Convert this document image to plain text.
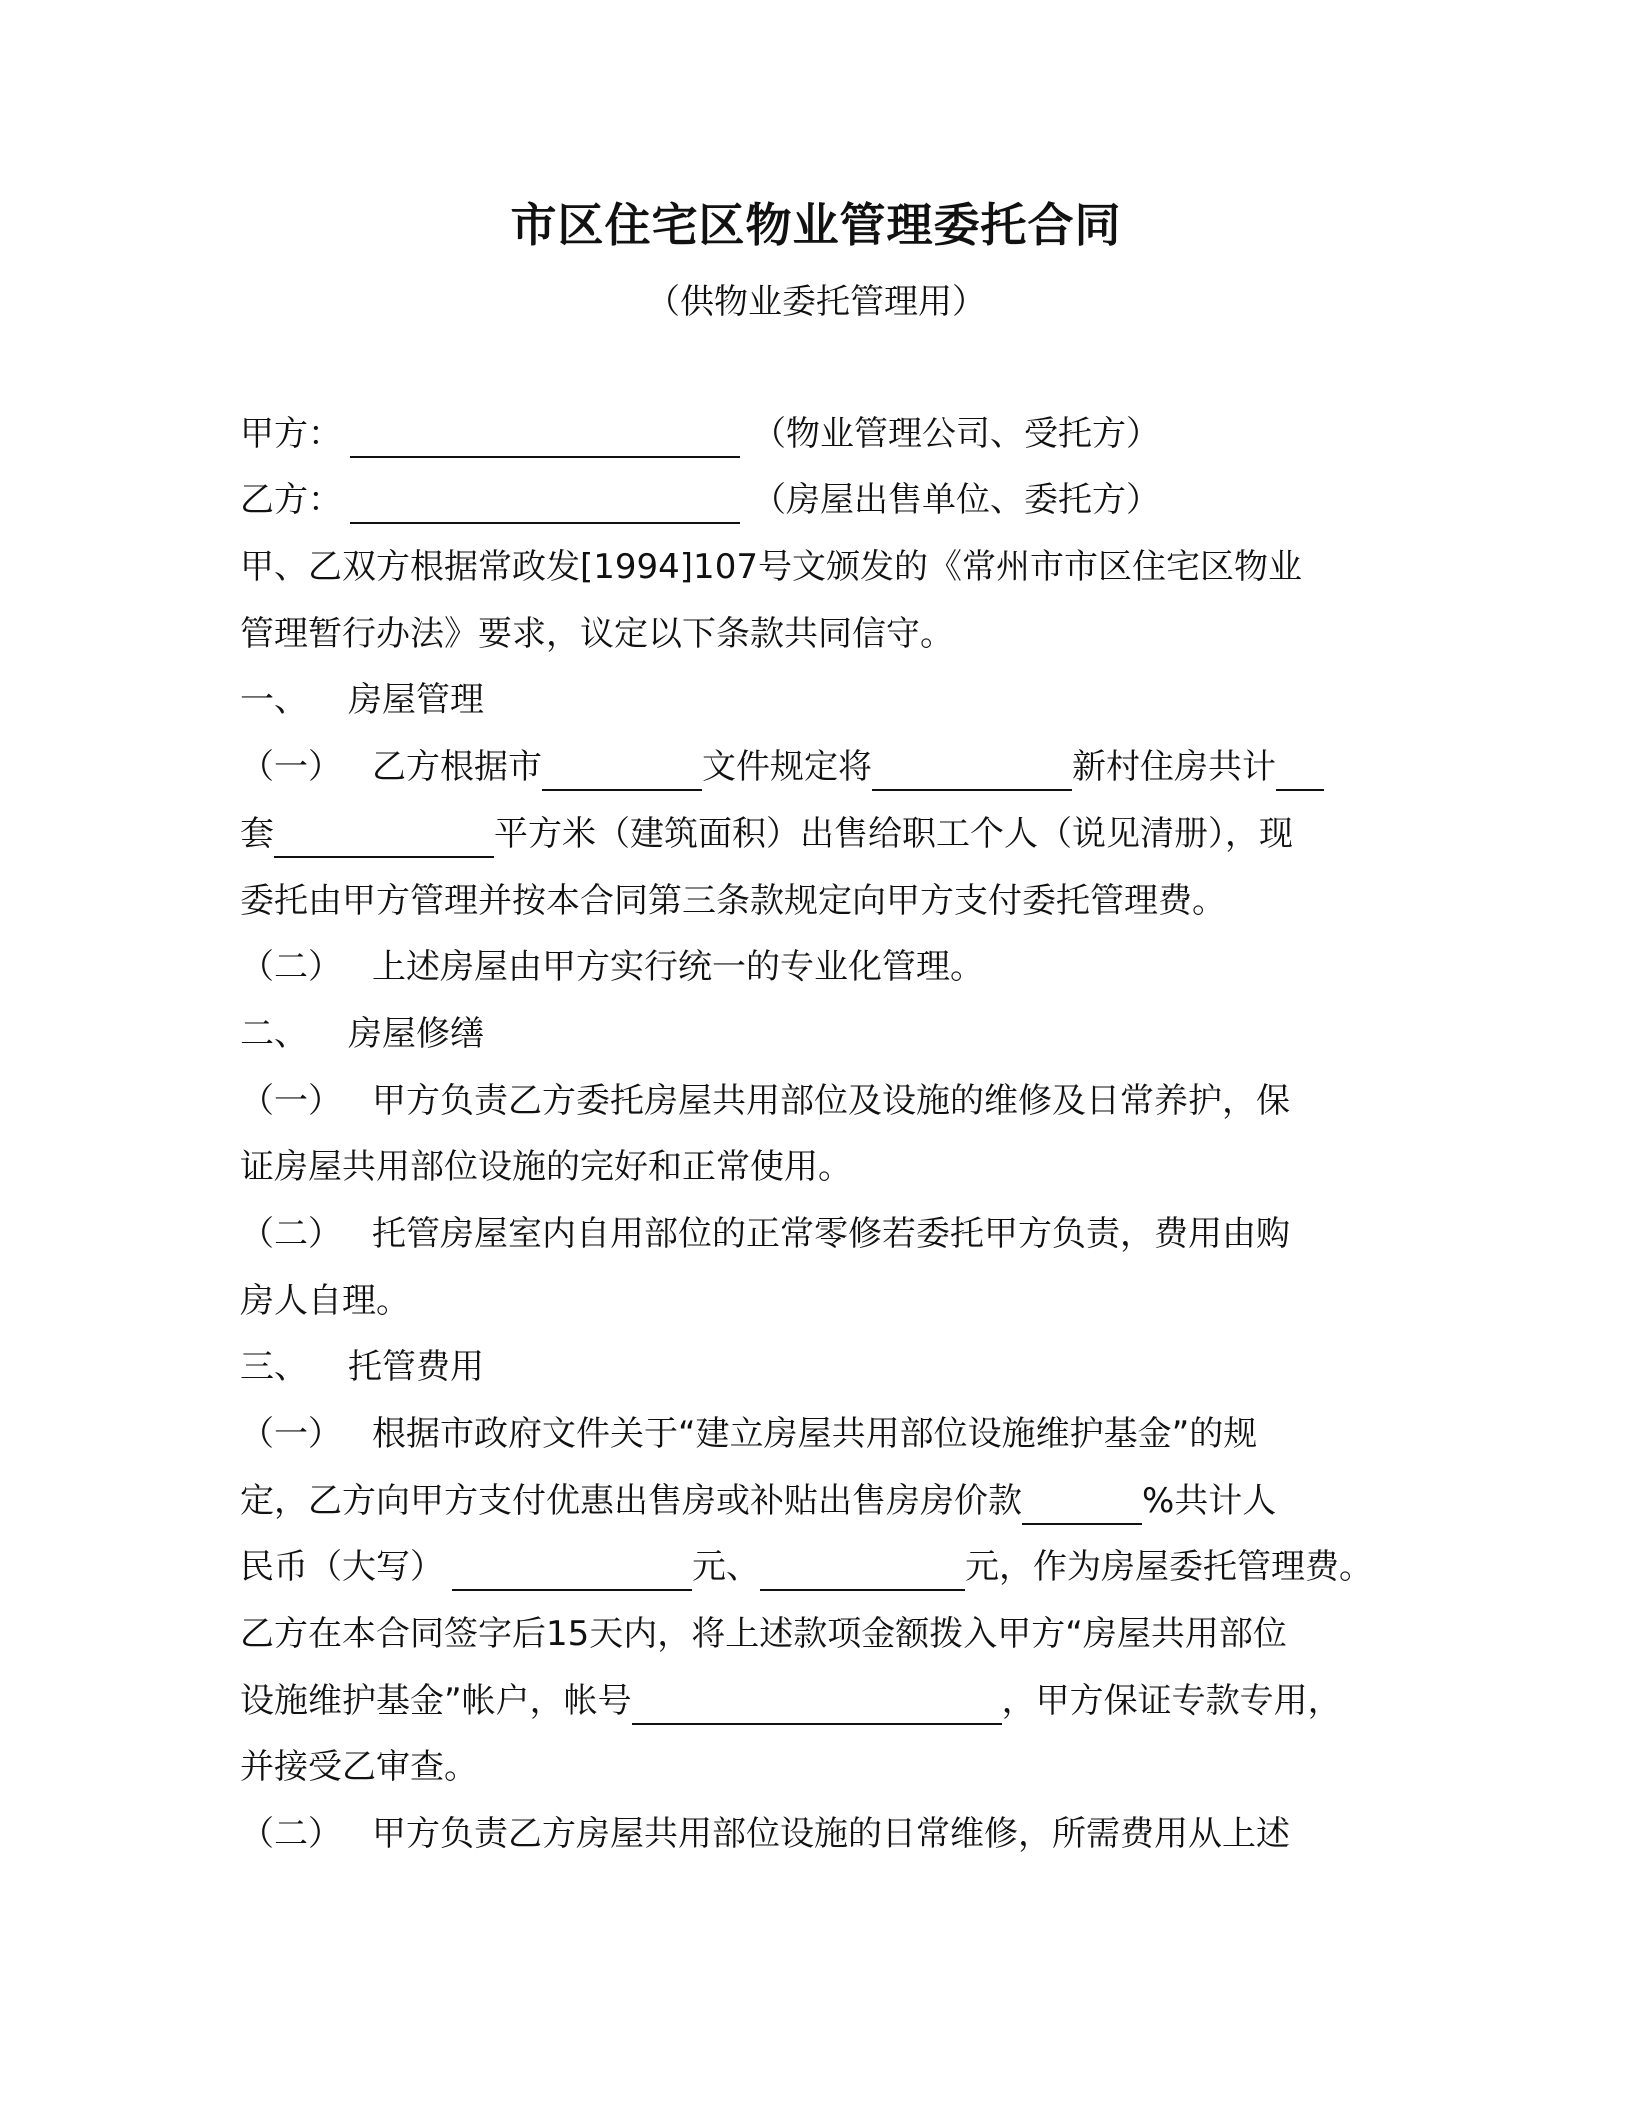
市区住宅区物业管理委托合同
（供物业委托管理用）
甲方：	（物业管理公司、受托方）
乙方：	（房屋出售单位、委托方）
甲、乙双方根据常政发[1994]107号文颁发的《常州市市区住宅区物业
管理暂行办法》要求，议定以下条款共同信守。
一、 房屋管理
（一） 乙方根据市	文件规定将	新村住房共计
套	平方米（建筑面积）出售给职工个人（说见清册），现
委托由甲方管理并按本合同第三条款规定向甲方支付委托管理费。
（二） 上述房屋由甲方实行统一的专业化管理。
二、 房屋修缮
（一） 甲方负责乙方委托房屋共用部位及设施的维修及日常养护，保
证房屋共用部位设施的完好和正常使用。
（二） 托管房屋室内自用部位的正常零修若委托甲方负责，费用由购
房人自理。
三、 托管费用
（一） 根据市政府文件关于“建立房屋共用部位设施维护基金”的规
定，乙方向甲方支付优惠出售房或补贴出售房房价款	%共计人
民币（大写）	元、	元，作为房屋委托管理费。
乙方在本合同签字后15天内，将上述款项金额拨入甲方“房屋共用部位
设施维护基金”帐户，帐号	，甲方保证专款专用，
并接受乙审查。
（二） 甲方负责乙方房屋共用部位设施的日常维修，所需费用从上述
